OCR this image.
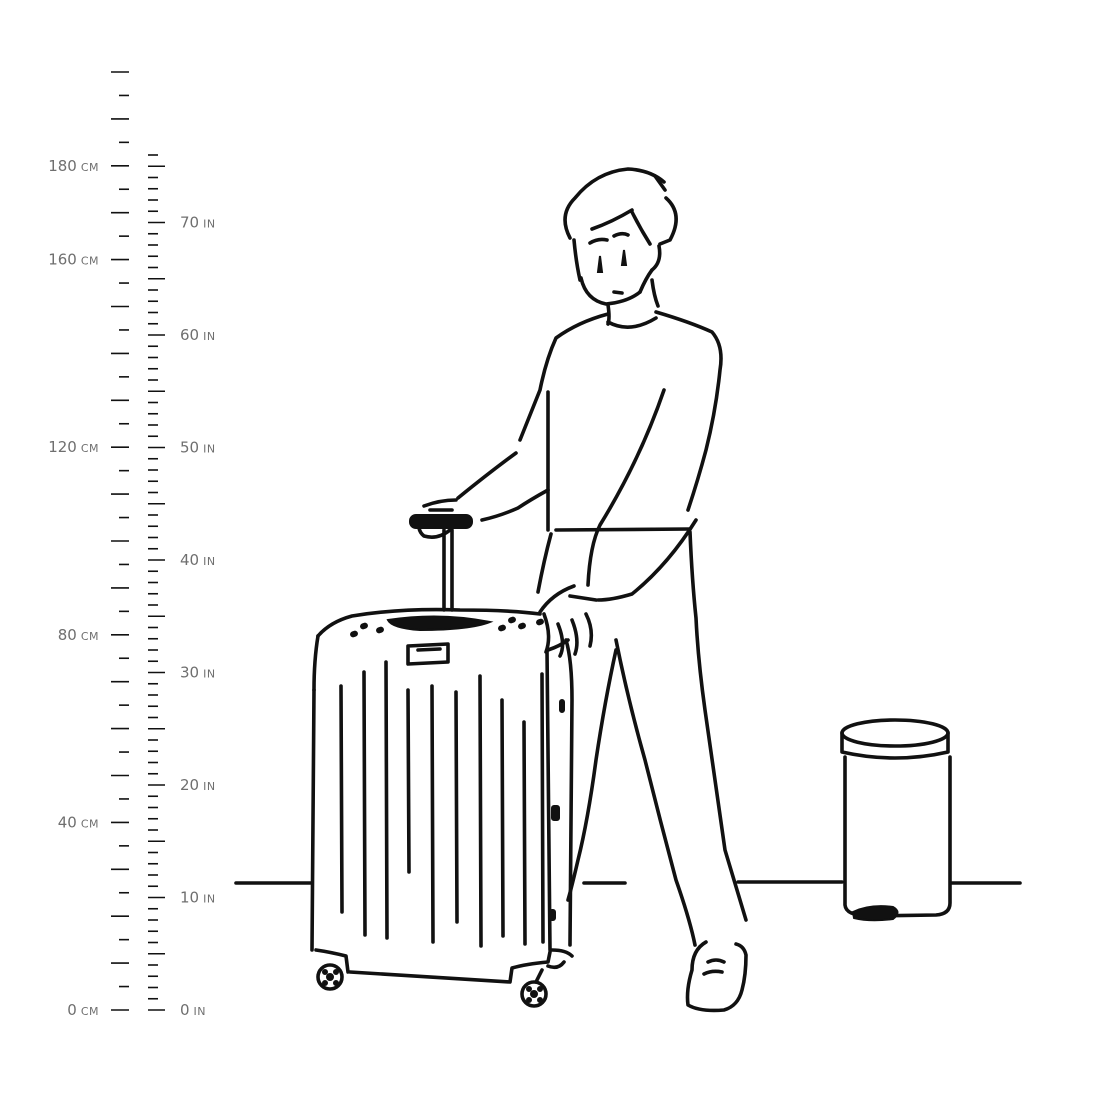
0 CM
40 CM
80 CM
120 CM
160 CM
180 CM
0 IN
10 IN
20 IN
30 IN
40 IN
50 IN
60 IN
70 IN
